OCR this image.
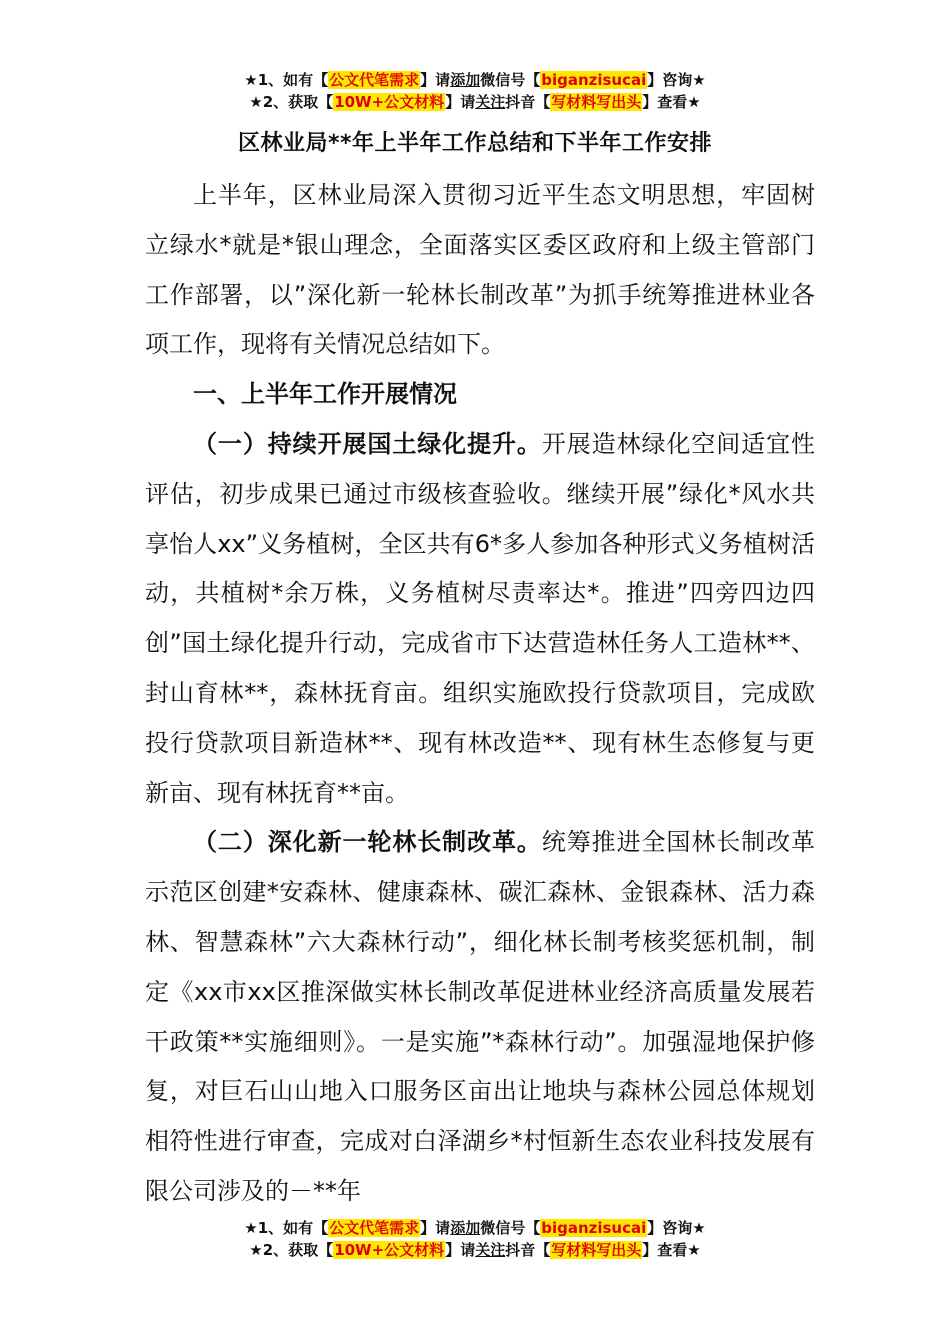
★1、如有【公文代笔需求】请添加微信号【biganzisucai】咨询★
★2、获取【10W+公文材料】请关注抖音【写材料写出头】查看★
区林业局**年上半年工作总结和下半年工作安排

上半年，区林业局深入贯彻习近平生态文明思想，牢固树立绿水*就是*银山理念，全面落实区委区政府和上级主管部门工作部署，以”深化新一轮林长制改革”为抓手统筹推进林业各项工作，现将有关情况总结如下。

一、上半年工作开展情况

（一）持续开展国土绿化提升。开展造林绿化空间适宜性评估，初步成果已通过市级核查验收。继续开展”绿化*风水共享怡人xx”义务植树，全区共有6*多人参加各种形式义务植树活动，共植树*余万株，义务植树尽责率达*。推进”四旁四边四创”国土绿化提升行动，完成省市下达营造林任务人工造林**、封山育林**，森林抚育亩。组织实施欧投行贷款项目，完成欧投行贷款项目新造林**、现有林改造**、现有林生态修复与更新亩、现有林抚育**亩。

（二）深化新一轮林长制改革。统筹推进全国林长制改革示范区创建*安森林、健康森林、碳汇森林、金银森林、活力森林、智慧森林”六大森林行动”，细化林长制考核奖惩机制，制定《xx市xx区推深做实林长制改革促进林业经济高质量发展若干政策**实施细则》。一是实施”*森林行动”。加强湿地保护修复，对巨石山山地入口服务区亩出让地块与森林公园总体规划相符性进行审查，完成对白泽湖乡*村恒新生态农业科技发展有限公司涉及的－**年

★1、如有【公文代笔需求】请添加微信号【biganzisucai】咨询★
★2、获取【10W+公文材料】请关注抖音【写材料写出头】查看★
